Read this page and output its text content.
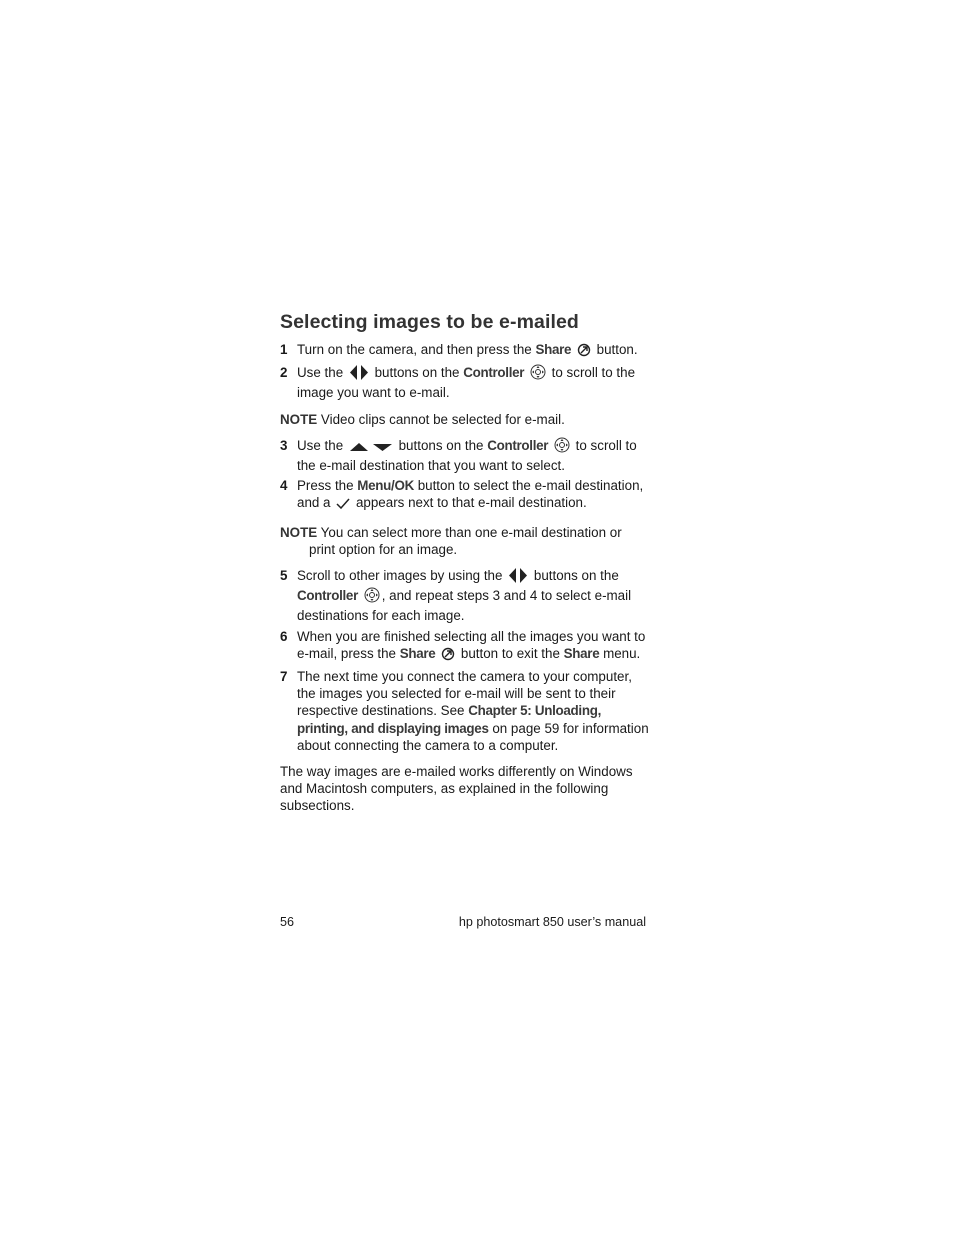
Selecting images to be e-mailed
1 Turn on the camera, and then press the Share button.
2 Use the  buttons on the Controller to scroll to the image you want to e-mail.
NOTE Video clips cannot be selected for e-mail.
3 Use the	buttons on the Controller to scroll to the e-mail destination that you want to select.
4 Press the Menu/OK button to select the e-mail destination, and a  appears next to that e-mail destination.
NOTE You can select more than one e-mail destination or print option for an image.
5 Scroll to other images by using the  buttons on the Controller , and repeat steps 3 and 4 to select e-mail destinations for each image.
6 When you are finished selecting all the images you want to e-mail, press the Share button to exit the Share menu.
7 The next time you connect the camera to your computer, the images you selected for e-mail will be sent to their respective destinations. See Chapter 5: Unloading, printing, and displaying images on page 59 for information about connecting the camera to a computer.
The way images are e-mailed works differently on Windows and Macintosh computers, as explained in the following subsections.
56	hp photosmart 850 user’s manual
